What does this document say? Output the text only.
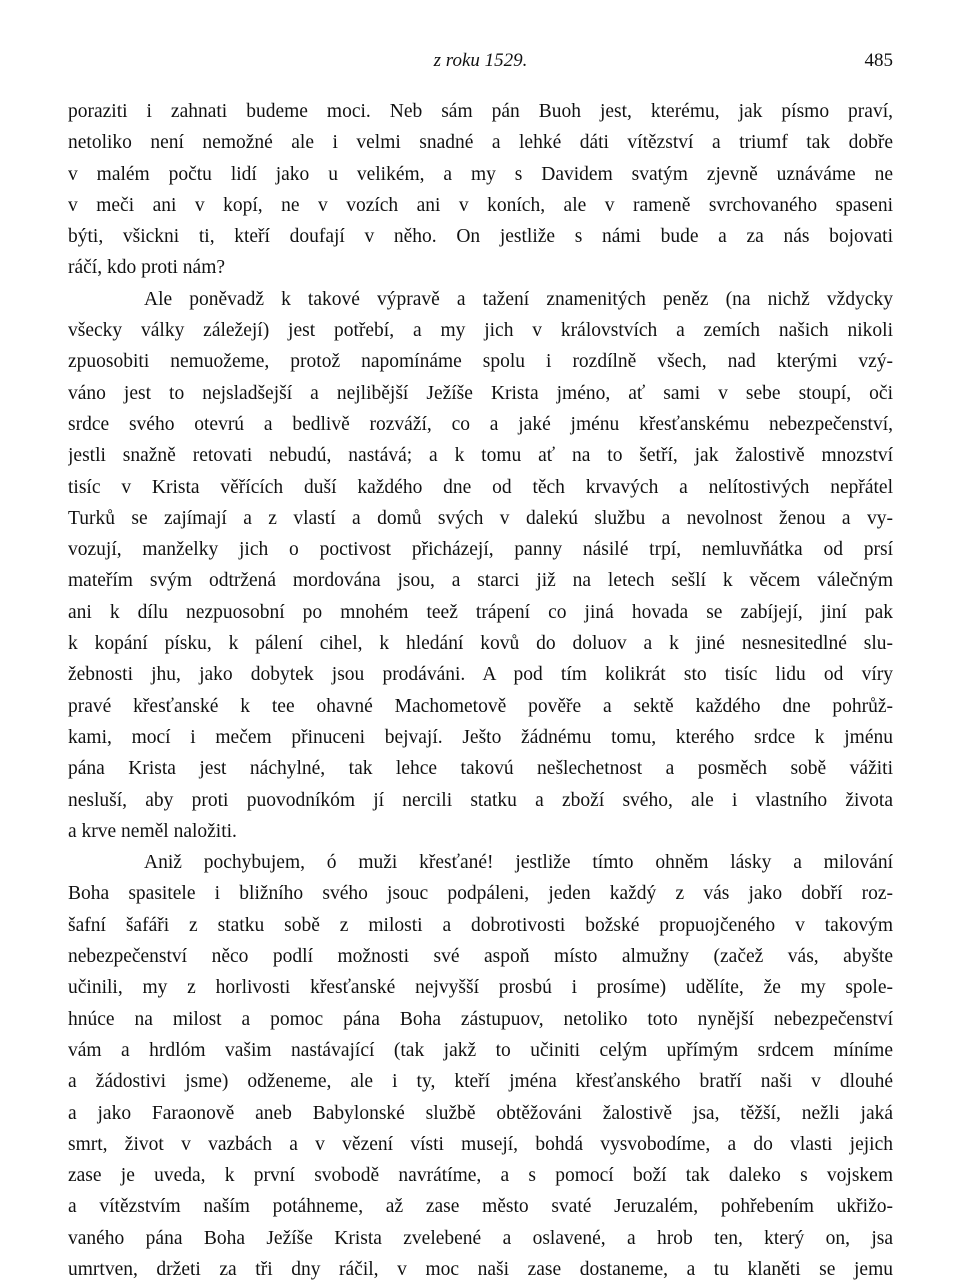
z roku 1529.	485
poraziti i zahnati budeme moci. Neb sám pán Buoh jest, kterému, jak písmo praví,
netoliko není nemožné ale i velmi snadné a lehké dáti vítězství a triumf tak dobře
v malém počtu lidí jako u velikém, a my s Davidem svatým zjevně uznáváme ne
v meči ani v kopí, ne v vozích ani v koních, ale v rameně svrchovaného spaseni
býti, všickni ti, kteří doufají v něho. On jestliže s námi bude a za nás bojovati
ráčí, kdo proti nám?
Ale poněvadž k takové výpravě a tažení znamenitých peněz (na nichž vždycky
všecky války záležejí) jest potřebí, a my jich v královstvích a zemích našich nikoli
zpuosobiti nemuožeme, protož napomínáme spolu i rozdílně všech, nad kterými vzý-
váno jest to nejsladšejší a nejlibější Ježíše Krista jméno, ať sami v sebe stoupí, oči
srdce svého otevrú a bedlivě rozváží, co a jaké jménu křesťanskému nebezpečenství,
jestli snažně retovati nebudú, nastává; a k tomu ať na to šetří, jak žalostivě mnozství
tisíc v Krista věřících duší každého dne od těch krvavých a nelítostivých nepřátel
Turků se zajímají a z vlastí a domů svých v dalekú službu a nevolnost ženou a vy-
vozují, manželky jich o poctivost přicházejí, panny násilé trpí, nemluvňátka od prsí
mateřím svým odtržená mordována jsou, a starci již na letech sešlí k věcem válečným
ani k dílu nezpuosobní po mnohém teež trápení co jiná hovada se zabíjejí, jiní pak
k kopání písku, k pálení cihel, k hledání kovů do doluov a k jiné nesnesitedlné slu-
žebnosti jhu, jako dobytek jsou prodáváni. A pod tím kolikrát sto tisíc lidu od víry
pravé křesťanské k tee ohavné Machometově pověře a sektě každého dne pohrůž-
kami, mocí i mečem přinuceni bejvají. Ješto žádnému tomu, kterého srdce k jménu
pána Krista jest náchylné, tak lehce takovú nešlechetnost a posměch sobě vážiti
nesluší, aby proti puovodníkóm jí nercili statku a zboží svého, ale i vlastního života
a krve neměl naložiti.
Aniž pochybujem, ó muži křesťané! jestliže tímto ohněm lásky a milování
Boha spasitele i bližního svého jsouc podpáleni, jeden každý z vás jako dobří roz-
šafní šafáři z statku sobě z milosti a dobrotivosti božské propuojčeného v takovým
nebezpečenství něco podlí možnosti své aspoň místo almužny (začež vás, abyšte
učinili, my z horlivosti křesťanské nejvyšší prosbú i prosíme) udělíte, že my spole-
hnúce na milost a pomoc pána Boha zástupuov, netoliko toto nynější nebezpečenství
vám a hrdlóm vašim nastávající (tak jakž to učiniti celým upřímým srdcem míníme
a žádostivi jsme) odženeme, ale i ty, kteří jména křesťanského bratří naši v dlouhé
a jako Faraonově aneb Babylonské službě obtěžováni žalostivě jsa, těžší, nežli jaká
smrt, život v vazbách a v vězení vísti musejí, bohdá vysvobodíme, a do vlasti jejich
zase je uveda, k první svobodě navrátíme, a s pomocí boží tak daleko s vojskem
a vítězstvím naším potáhneme, až zase město svaté Jeruzalém, pohřebením ukřižo-
vaného pána Boha Ježíše Krista zvelebené a oslavené, a hrob ten, který on, jsa
umrtven, držeti za tři dny ráčil, v moc naši zase dostaneme, a tu klaněti se jemu
